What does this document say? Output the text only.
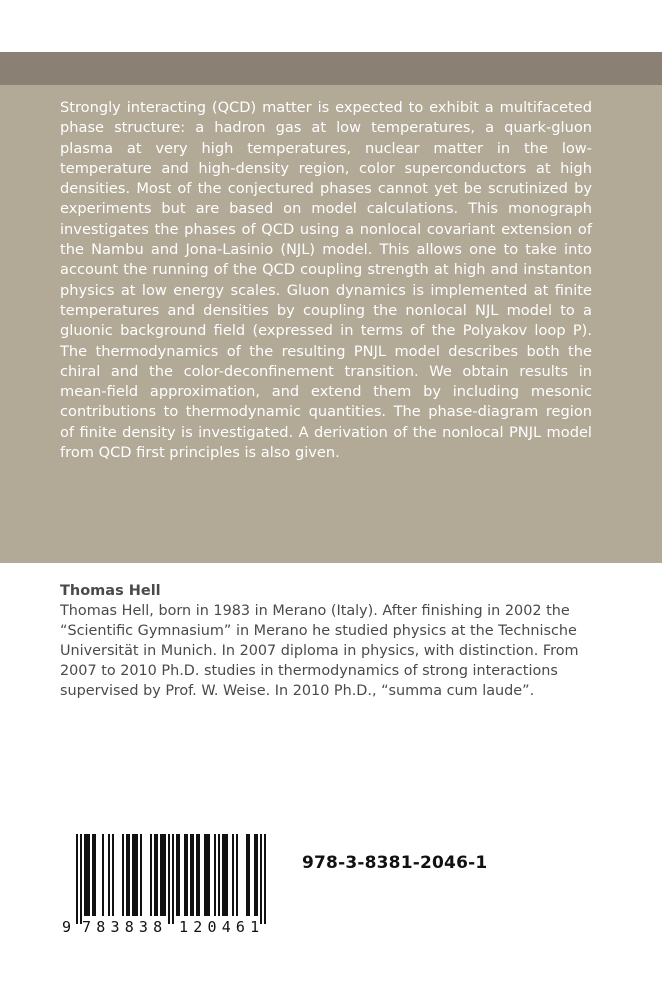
Strongly interacting (QCD) matter is expected to exhibit a multifaceted phase structure: a hadron gas at low temperatures, a quark-gluon plasma at very high temperatures, nuclear matter in the low-temperature and high-density region, color superconductors at high densities. Most of the conjectured phases cannot yet be scrutinized by experiments but are based on model calculations. This monograph investigates the phases of QCD using a nonlocal covariant extension of the Nambu and Jona-Lasinio (NJL) model. This allows one to take into account the running of the QCD coupling strength at high and instanton physics at low energy scales. Gluon dynamics is implemented at finite temperatures and densities by coupling the nonlocal NJL model to a gluonic background field (expressed in terms of the Polyakov loop P). The thermodynamics of the resulting PNJL model describes both the chiral and the color-deconfinement transition. We obtain results in mean-field approximation, and extend them by including mesonic contributions to thermodynamic quantities. The phase-diagram region of finite density is investigated. A derivation of the nonlocal PNJL model from QCD first principles is also given.

Thomas Hell

Thomas Hell, born in 1983 in Merano (Italy). After finishing in 2002 the “Scientific Gymnasium” in Merano he studied physics at the Technische Universität in Munich. In 2007 diploma in physics, with distinction. From 2007 to 2010 Ph.D. studies in thermodynamics of strong interactions supervised by Prof. W. Weise. In 2010 Ph.D., “summa cum laude”.

9 783838 120461

978-3-8381-2046-1
